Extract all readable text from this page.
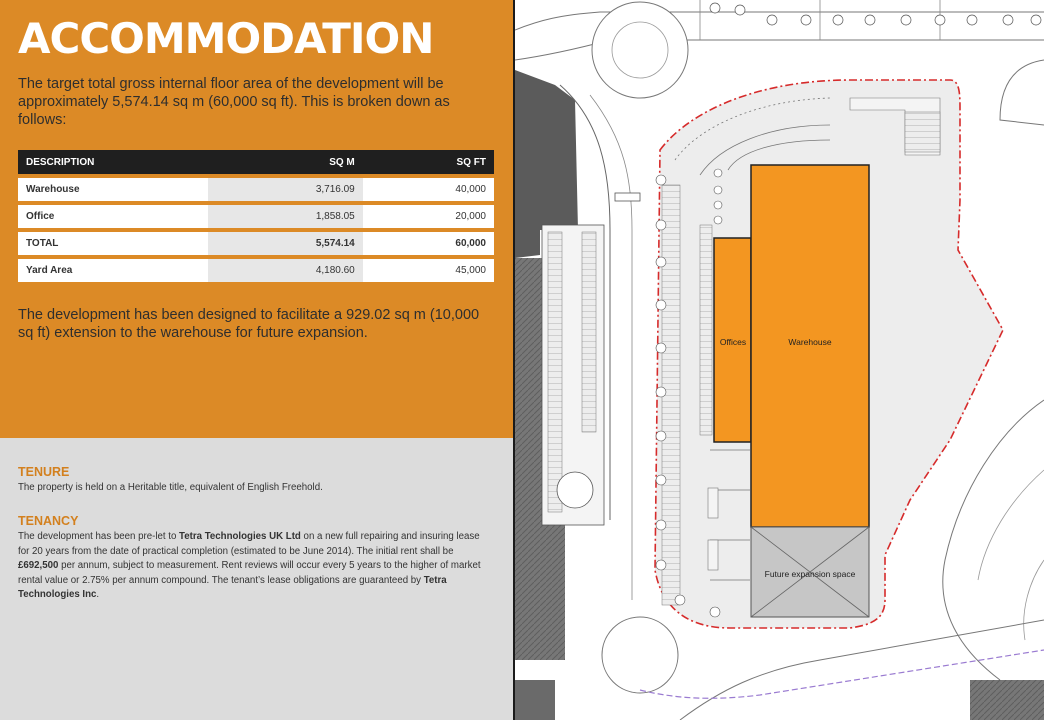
ACCOMMODATION
The target total gross internal floor area of the development will be approximately 5,574.14 sq m (60,000 sq ft). This is broken down as follows:
DESCRIPTION	SQ M	SQ FT
Warehouse	3,716.09	40,000
Office	1,858.05	20,000
TOTAL	5,574.14	60,000
Yard Area	4,180.60	45,000
The development has been designed to facilitate a 929.02 sq m (10,000 sq ft) extension to the warehouse for future expansion.
TENURE
The property is held on a Heritable title, equivalent of English Freehold.
TENANCY
The development has been pre-let to Tetra Technologies UK Ltd on a new full repairing and insuring lease for 20 years from the date of practical completion (estimated to be June 2014). The initial rent shall be £692,500 per annum, subject to measurement. Rent reviews will occur every 5 years to the higher of market rental value or 2.75% per annum compound. The tenant’s lease obligations are guaranteed by Tetra Technologies Inc.
Offices	Warehouse
Future expansion space
